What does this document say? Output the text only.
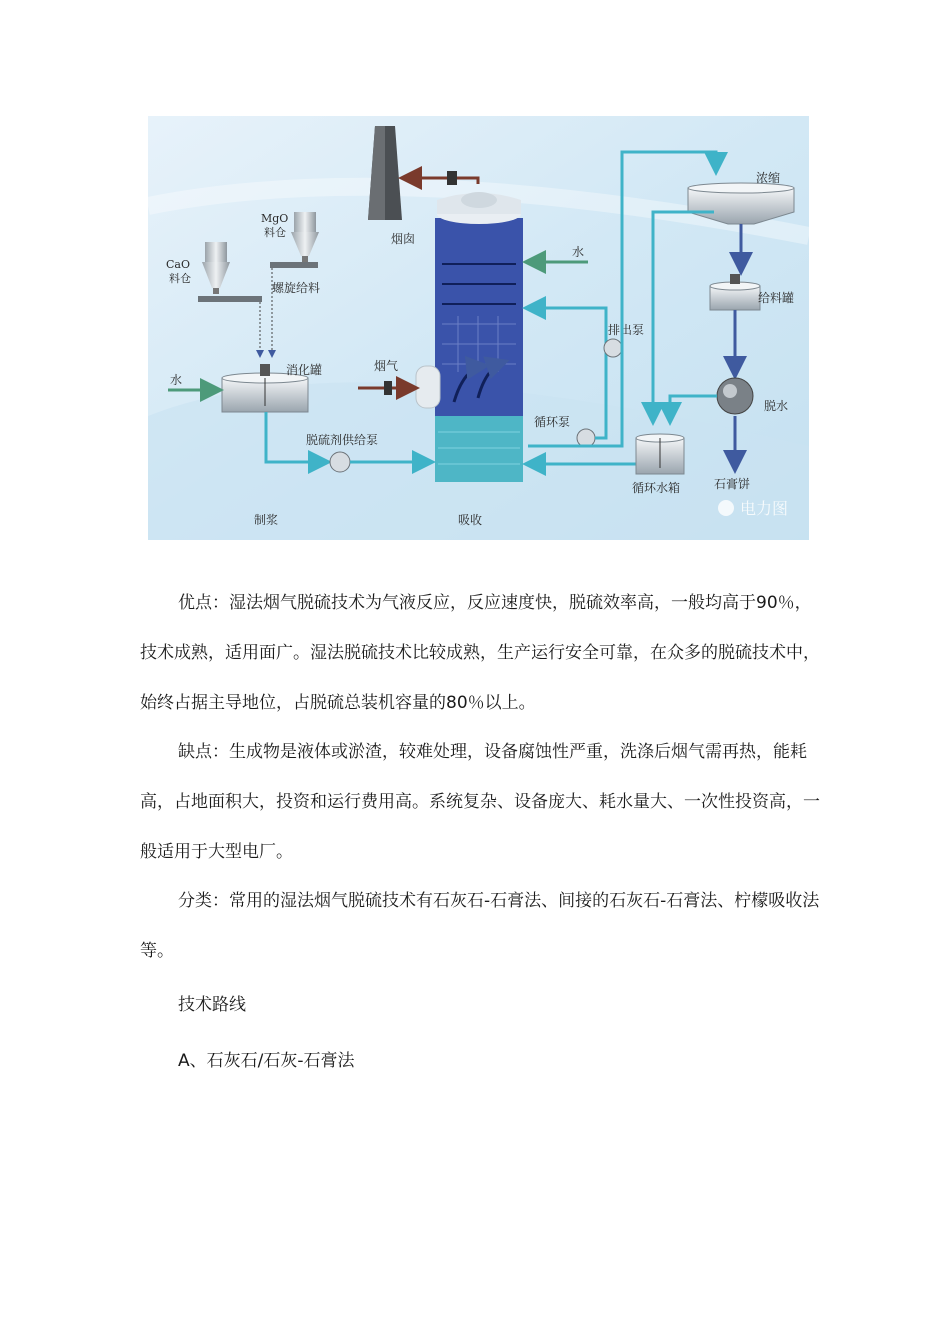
烟囱
吸收
烟气
水
MgO 料仓
CaO 料仓
螺旋给料
消化罐
水
脱硫剂供给泵
制浆
循环泵
排出泵
浓缩
给料罐
脱水
石膏饼
循环水箱
电力图

优点：湿法烟气脱硫技术为气液反应，反应速度快，脱硫效率高，一般均高于90％，技术成熟，适用面广。湿法脱硫技术比较成熟，生产运行安全可靠，在众多的脱硫技术中，始终占据主导地位，占脱硫总装机容量的80％以上。

缺点：生成物是液体或淤渣，较难处理，设备腐蚀性严重，洗涤后烟气需再热，能耗高，占地面积大，投资和运行费用高。系统复杂、设备庞大、耗水量大、一次性投资高，一般适用于大型电厂。

分类：常用的湿法烟气脱硫技术有石灰石-石膏法、间接的石灰石-石膏法、柠檬吸收法等。

技术路线

A、石灰石/石灰-石膏法
